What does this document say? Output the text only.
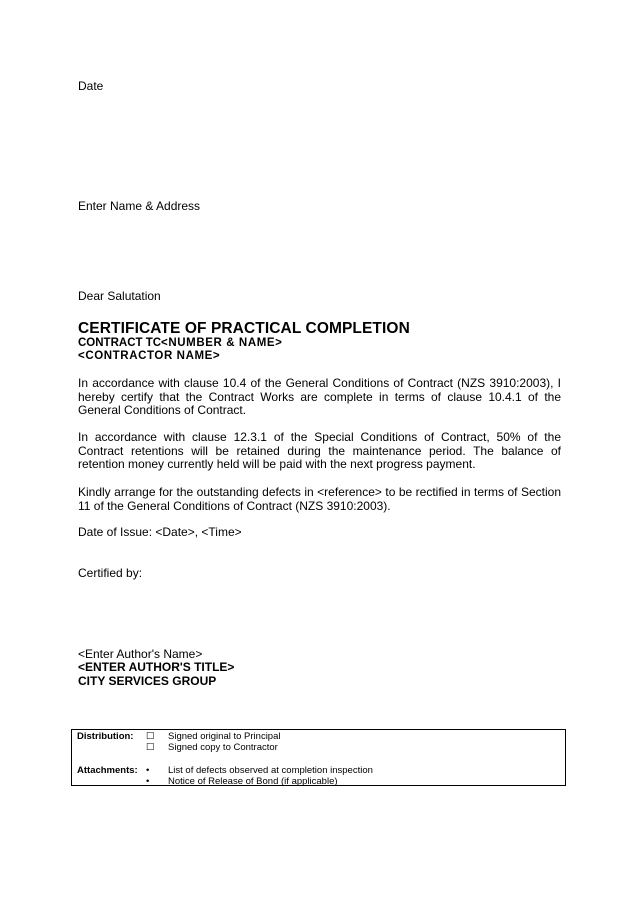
Date
Enter Name & Address
Dear Salutation
CERTIFICATE OF PRACTICAL COMPLETION
CONTRACT TC<NUMBER & NAME>
<CONTRACTOR NAME>
In accordance with clause 10.4 of the General Conditions of Contract (NZS 3910:2003), I hereby certify that the Contract Works are complete in terms of clause 10.4.1 of the General Conditions of Contract.
In accordance with clause 12.3.1 of the Special Conditions of Contract, 50% of the Contract retentions will be retained during the maintenance period. The balance of retention money currently held will be paid with the next progress payment.
Kindly arrange for the outstanding defects in <reference> to be rectified in terms of Section 11 of the General Conditions of Contract (NZS 3910:2003).
Date of Issue: <Date>, <Time>
Certified by:
<Enter Author's Name>
<ENTER AUTHOR'S TITLE>
CITY SERVICES GROUP
Distribution: ☐ Signed original to Principal
☐ Signed copy to Contractor
Attachments: • List of defects observed at completion inspection
• Notice of Release of Bond (if applicable)
